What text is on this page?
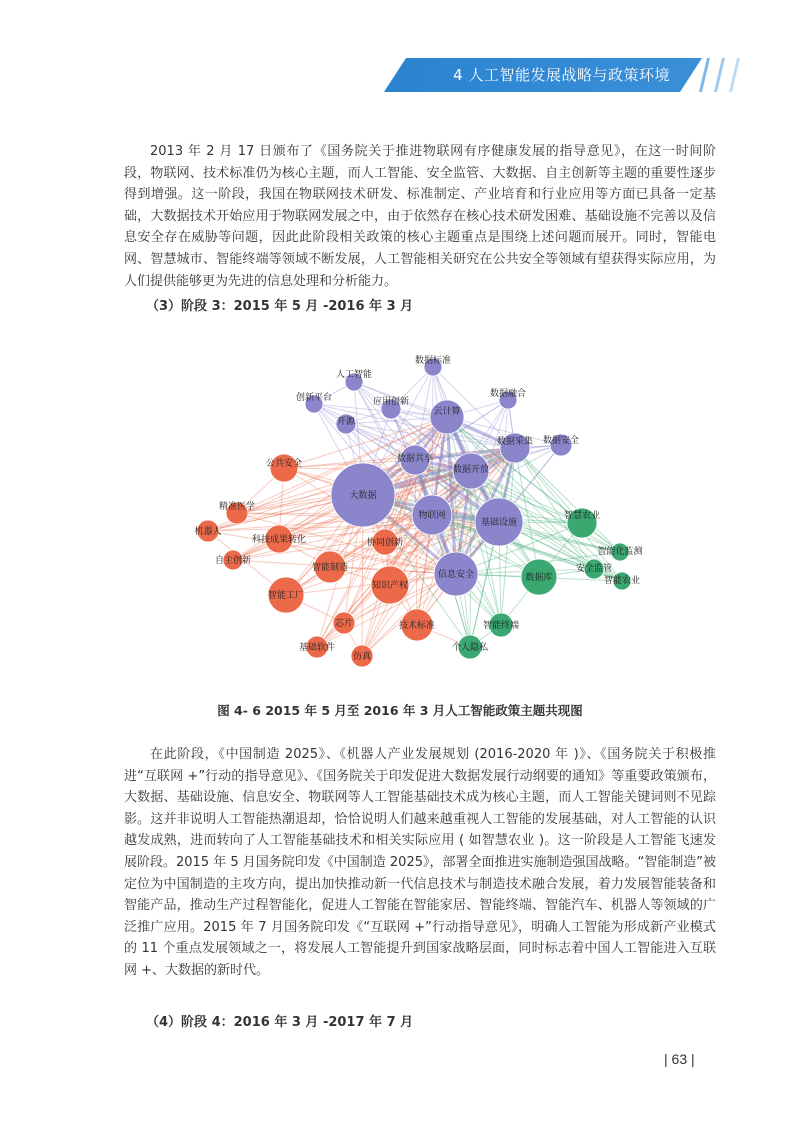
4 人工智能发展战略与政策环境

2013 年 2 月 17 日颁布了《国务院关于推进物联网有序健康发展的指导意见》，在这一时间阶段，物联网、技术标准仍为核心主题，而人工智能、安全监管、大数据、自主创新等主题的重要性逐步得到增强。这一阶段，我国在物联网技术研发、标准制定、产业培育和行业应用等方面已具备一定基础，大数据技术开始应用于物联网发展之中，由于依然存在核心技术研发困难、基础设施不完善以及信息安全存在威胁等问题，因此此阶段相关政策的核心主题重点是围绕上述问题而展开。同时，智能电网、智慧城市、智能终端等领域不断发展，人工智能相关研究在公共安全等领域有望获得实际应用，为人们提供能够更为先进的信息处理和分析能力。

（3）阶段 3：2015 年 5 月 -2016 年 3 月

数据标准
人工智能
数据融合
创新平台	应用创新
云计算
开源
数据安全
数据采集
数据共享
数据开放
大数据
物联网
基础设施
信息安全
公共安全
精准医学
机器人
科技成果转化	协同创新
自主创新
智能制造
知识产权
智能工厂
芯片	技术标准
基础软件
仿真
智慧农业
智能化监测
安全监管
数据库	智能农业
智能终端
个人隐私
图 4- 6 2015 年 5 月至 2016 年 3 月人工智能政策主题共现图

在此阶段，《中国制造 2025》、《机器人产业发展规划 (2016-2020 年 )》、《国务院关于积极推进“互联网 +”行动的指导意见》、《国务院关于印发促进大数据发展行动纲要的通知》等重要政策颁布，大数据、基础设施、信息安全、物联网等人工智能基础技术成为核心主题，而人工智能关键词则不见踪影。这并非说明人工智能热潮退却，恰恰说明人们越来越重视人工智能的发展基础，对人工智能的认识越发成熟，进而转向了人工智能基础技术和相关实际应用 ( 如智慧农业 )。这一阶段是人工智能飞速发展阶段。2015 年 5 月国务院印发《中国制造 2025》，部署全面推进实施制造强国战略。“智能制造”被定位为中国制造的主攻方向，提出加快推动新一代信息技术与制造技术融合发展，着力发展智能装备和智能产品，推动生产过程智能化，促进人工智能在智能家居、智能终端、智能汽车、机器人等领域的广泛推广应用。2015 年 7 月国务院印发《“互联网 +”行动指导意见》，明确人工智能为形成新产业模式的 11 个重点发展领域之一，将发展人工智能提升到国家战略层面，同时标志着中国人工智能进入互联网 +、大数据的新时代。

（4）阶段 4：2016 年 3 月 -2017 年 7 月

| 63 |
